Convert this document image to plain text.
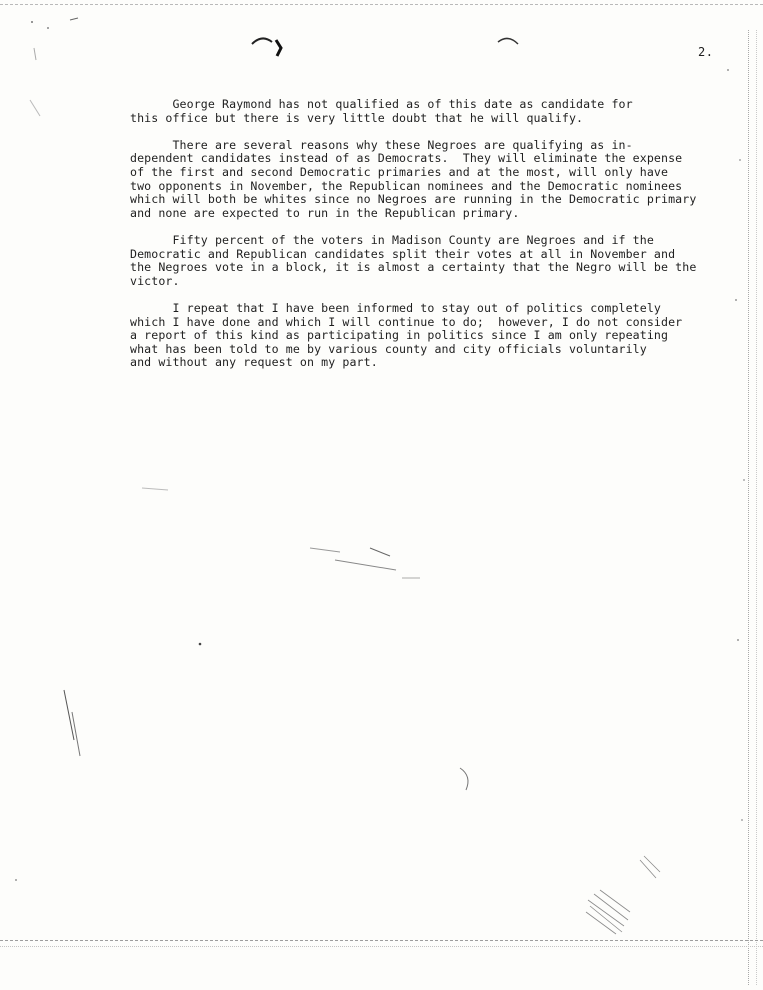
2.

George Raymond has not qualified as of this date as candidate for
this office but there is very little doubt that he will qualify.

There are several reasons why these Negroes are qualifying as in-
dependent candidates instead of as Democrats.  They will eliminate the expense
of the first and second Democratic primaries and at the most, will only have
two opponents in November, the Republican nominees and the Democratic nominees
which will both be whites since no Negroes are running in the Democratic primary
and none are expected to run in the Republican primary.

Fifty percent of the voters in Madison County are Negroes and if the
Democratic and Republican candidates split their votes at all in November and
the Negroes vote in a block, it is almost a certainty that the Negro will be the
victor.

I repeat that I have been informed to stay out of politics completely
which I have done and which I will continue to do;  however, I do not consider
a report of this kind as participating in politics since I am only repeating
what has been told to me by various county and city officials voluntarily
and without any request on my part.
